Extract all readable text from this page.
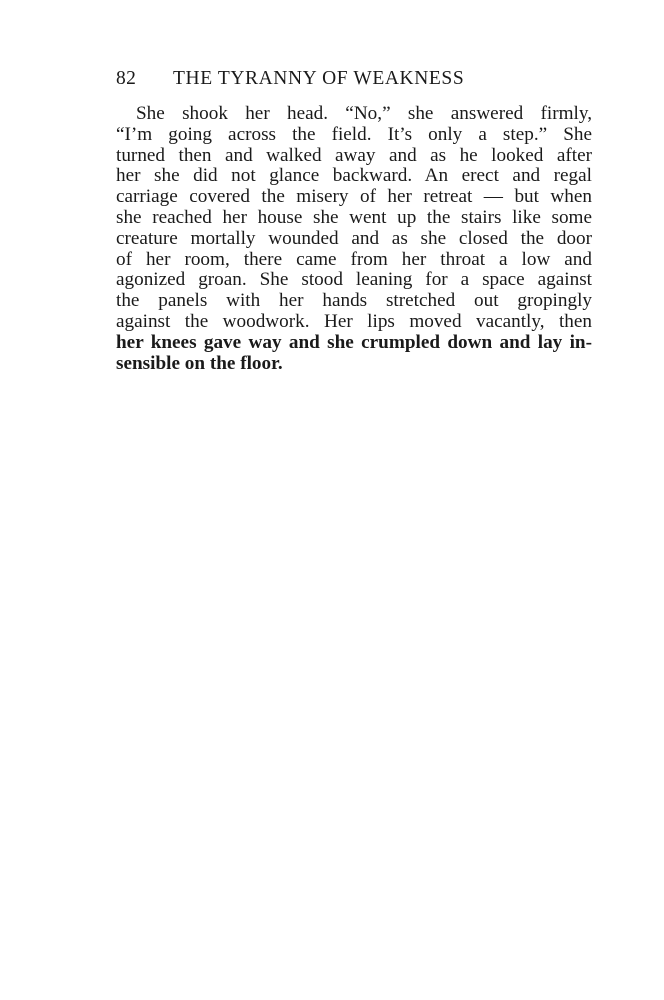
82 THE TYRANNY OF WEAKNESS
She shook her head. “No,” she answered firmly,
“I’m going across the field. It’s only a step.” She
turned then and walked away and as he looked after
her she did not glance backward. An erect and regal
carriage covered the misery of her retreat — but when
she reached her house she went up the stairs like some
creature mortally wounded and as she closed the door
of her room, there came from her throat a low and
agonized groan. She stood leaning for a space against
the panels with her hands stretched out gropingly
against the woodwork. Her lips moved vacantly, then
her knees gave way and she crumpled down and lay in-
sensible on the floor.
